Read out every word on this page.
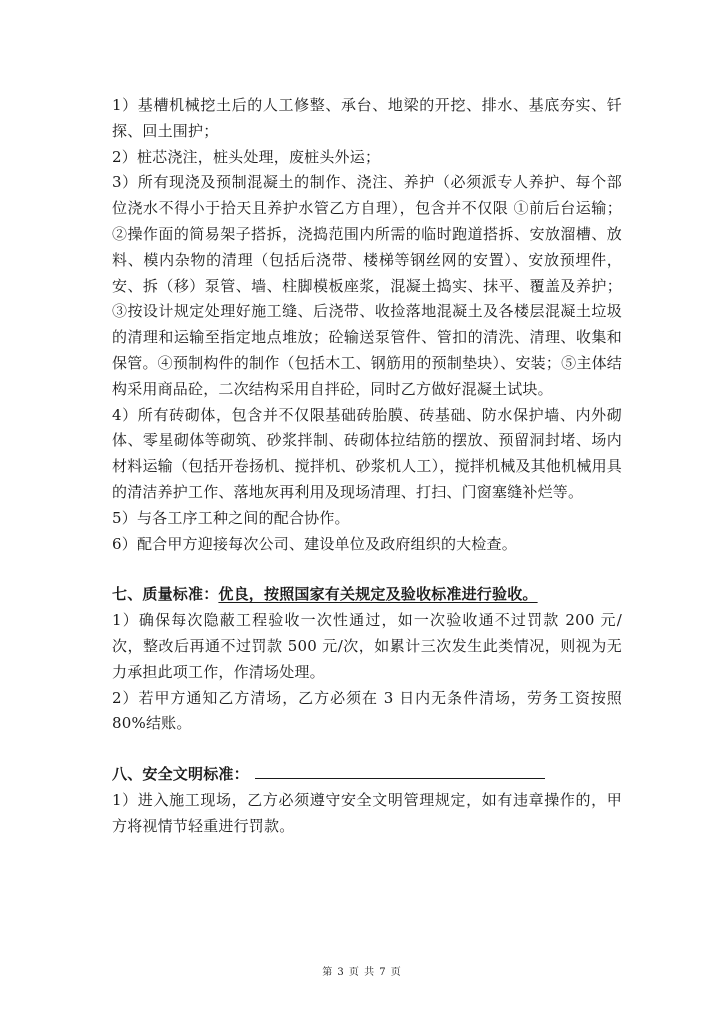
1）基槽机械挖土后的人工修整、承台、地梁的开挖、排水、基底夯实、钎探、回土围护；

2）桩芯浇注，桩头处理，废桩头外运；

3）所有现浇及预制混凝土的制作、浇注、养护（必须派专人养护、每个部位浇水不得小于拾天且养护水管乙方自理），包含并不仅限 ①前后台运输；②操作面的简易架子搭拆，浇捣范围内所需的临时跑道搭拆、安放溜槽、放料、模内杂物的清理（包括后浇带、楼梯等钢丝网的安置）、安放预埋件，安、拆（移）泵管、墙、柱脚模板座浆，混凝土捣实、抹平、覆盖及养护；③按设计规定处理好施工缝、后浇带、收捡落地混凝土及各楼层混凝土垃圾的清理和运输至指定地点堆放；砼输送泵管件、管扣的清洗、清理、收集和保管。④预制构件的制作（包括木工、钢筋用的预制垫块）、安装；⑤主体结构采用商品砼，二次结构采用自拌砼，同时乙方做好混凝土试块。

4）所有砖砌体，包含并不仅限基础砖胎膜、砖基础、防水保护墙、内外砌体、零星砌体等砌筑、砂浆拌制、砖砌体拉结筋的摆放、预留洞封堵、场内材料运输（包括开卷扬机、搅拌机、砂浆机人工），搅拌机械及其他机械用具的清洁养护工作、落地灰再利用及现场清理、打扫、门窗塞缝补烂等。

5）与各工序工种之间的配合协作。

6）配合甲方迎接每次公司、建设单位及政府组织的大检查。

七、质量标准：优良，按照国家有关规定及验收标准进行验收。

1）确保每次隐蔽工程验收一次性通过，如一次验收通不过罚款 200 元/次，整改后再通不过罚款 500 元/次，如累计三次发生此类情况，则视为无力承担此项工作，作清场处理。

2）若甲方通知乙方清场，乙方必须在 3 日内无条件清场，劳务工资按照 80%结账。

八、安全文明标准：

1）进入施工现场，乙方必须遵守安全文明管理规定，如有违章操作的，甲方将视情节轻重进行罚款。

第 3 页 共 7 页
